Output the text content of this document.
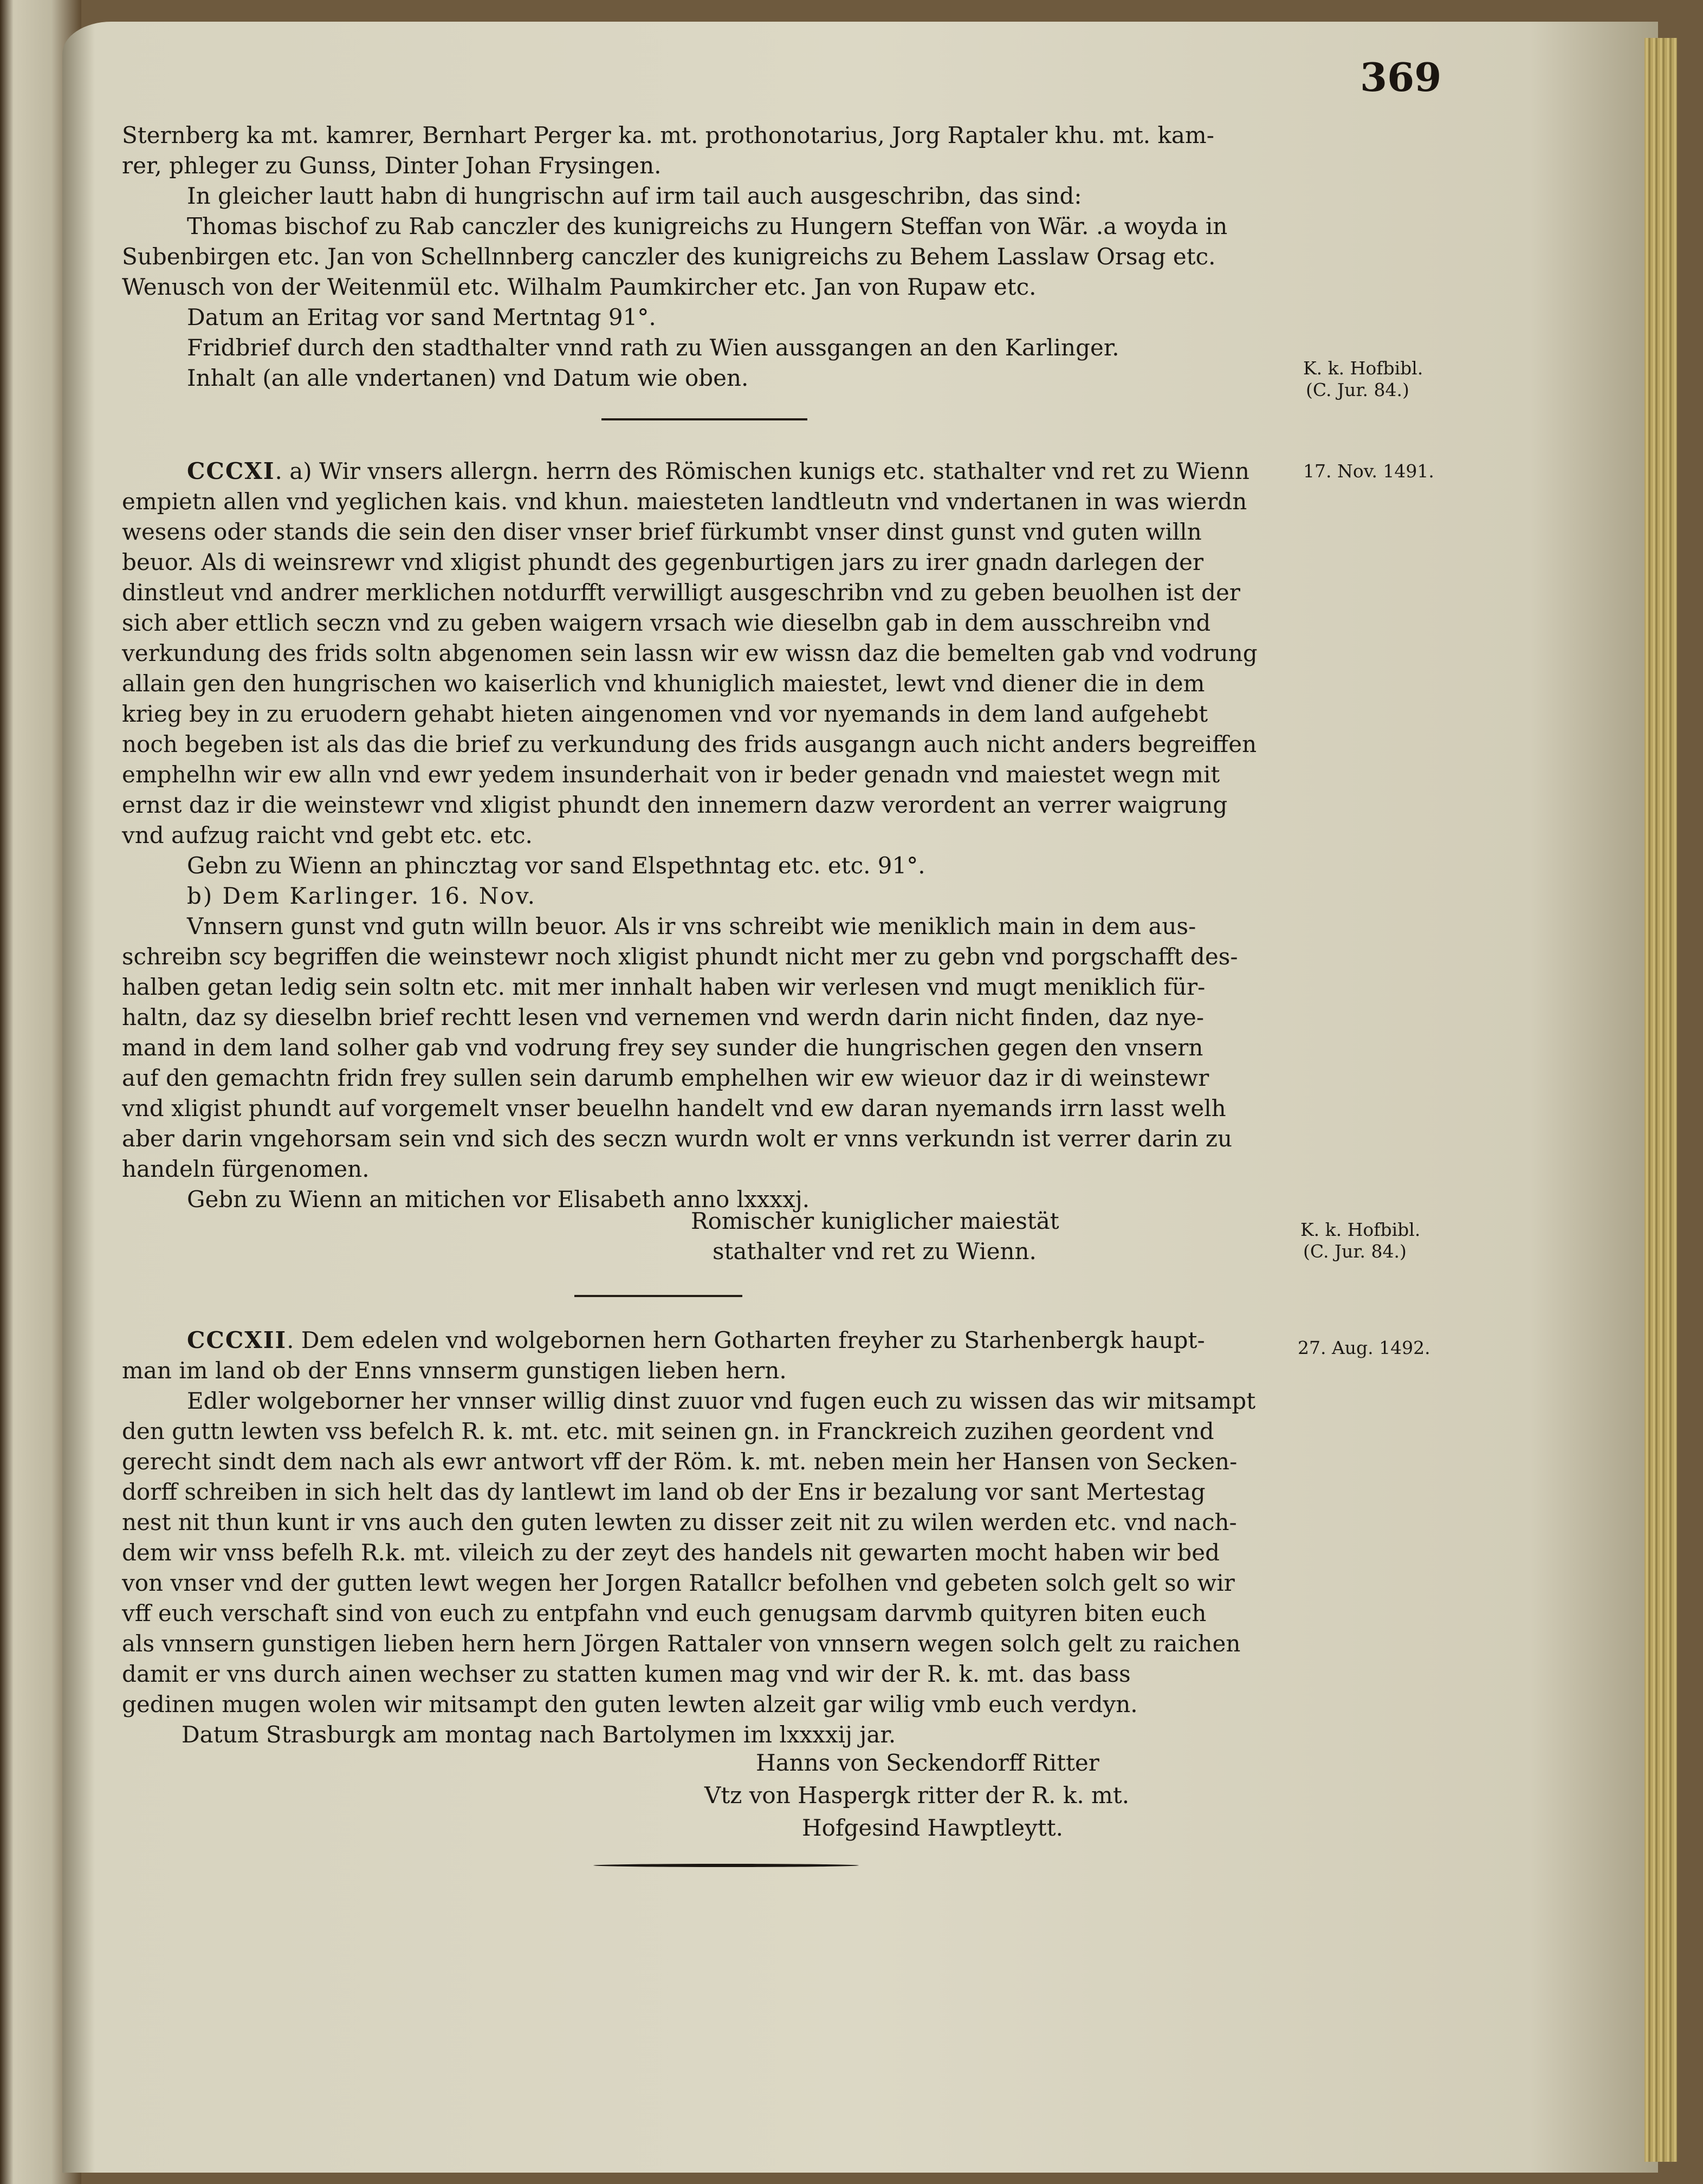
369

Sternberg ka mt. kamrer, Bernhart Perger ka. mt. prothonotarius, Jorg Raptaler khu. mt. kam-

rer, phleger zu Gunss, Dinter Johan Frysingen.

In gleicher lautt habn di hungrischn auf irm tail auch ausgeschribn, das sind:

Thomas bischof zu Rab canczler des kunigreichs zu Hungern Steffan von Wär. .a woyda in

Subenbirgen etc. Jan von Schellnnberg canczler des kunigreichs zu Behem Lasslaw Orsag etc.

Wenusch von der Weitenmül etc. Wilhalm Paumkircher etc. Jan von Rupaw etc.

Datum an Eritag vor sand Mertntag 91°.

Fridbrief durch den stadthalter vnnd rath zu Wien aussgangen an den Karlinger.

Inhalt (an alle vndertanen) vnd Datum wie oben.	K. k. Hofbibl.
(C. Jur. 84.)

CCCXI. a) Wir vnsers allergn. herrn des Römischen kunigs etc. stathalter vnd ret zu Wienn	17. Nov. 1491.

empietn allen vnd yeglichen kais. vnd khun. maiesteten landtleutn vnd vndertanen in was wierdn

wesens oder stands die sein den diser vnser brief fürkumbt vnser dinst gunst vnd guten willn

beuor. Als di weinsrewr vnd xligist phundt des gegenburtigen jars zu irer gnadn darlegen der

dinstleut vnd andrer merklichen notdurfft verwilligt ausgeschribn vnd zu geben beuolhen ist der

sich aber ettlich seczn vnd zu geben waigern vrsach wie dieselbn gab in dem ausschreibn vnd

verkundung des frids soltn abgenomen sein lassn wir ew wissn daz die bemelten gab vnd vodrung

allain gen den hungrischen wo kaiserlich vnd khuniglich maiestet, lewt vnd diener die in dem

krieg bey in zu eruodern gehabt hieten aingenomen vnd vor nyemands in dem land aufgehebt

noch begeben ist als das die brief zu verkundung des frids ausgangn auch nicht anders begreiffen

emphelhn wir ew alln vnd ewr yedem insunderhait von ir beder genadn vnd maiestet wegn mit

ernst daz ir die weinstewr vnd xligist phundt den innemern dazw verordent an verrer waigrung

vnd aufzug raicht vnd gebt etc. etc.

Gebn zu Wienn an phincztag vor sand Elspethntag etc. etc. 91°.

b) Dem Karlinger. 16. Nov.

Vnnsern gunst vnd gutn willn beuor. Als ir vns schreibt wie meniklich main in dem aus-

schreibn scy begriffen die weinstewr noch xligist phundt nicht mer zu gebn vnd porgschafft des-

halben getan ledig sein soltn etc. mit mer innhalt haben wir verlesen vnd mugt meniklich für-

haltn, daz sy dieselbn brief rechtt lesen vnd vernemen vnd werdn darin nicht finden, daz nye-

mand in dem land solher gab vnd vodrung frey sey sunder die hungrischen gegen den vnsern

auf den gemachtn fridn frey sullen sein darumb emphelhen wir ew wieuor daz ir di weinstewr

vnd xligist phundt auf vorgemelt vnser beuelhn handelt vnd ew daran nyemands irrn lasst welh

aber darin vngehorsam sein vnd sich des seczn wurdn wolt er vnns verkundn ist verrer darin zu

handeln fürgenomen.

Gebn zu Wienn an mitichen vor Elisabeth anno lxxxxj.

Romischer kuniglicher maiestät

stathalter vnd ret zu Wienn.

K. k. Hofbibl.
(C. Jur. 84.)

CCCXII. Dem edelen vnd wolgebornen hern Gotharten freyher zu Starhenbergk haupt-	27. Aug. 1492.

man im land ob der Enns vnnserm gunstigen lieben hern.

Edler wolgeborner her vnnser willig dinst zuuor vnd fugen euch zu wissen das wir mitsampt

den guttn lewten vss befelch R. k. mt. etc. mit seinen gn. in Franckreich zuzihen geordent vnd

gerecht sindt dem nach als ewr antwort vff der Röm. k. mt. neben mein her Hansen von Secken-

dorff schreiben in sich helt das dy lantlewt im land ob der Ens ir bezalung vor sant Mertestag

nest nit thun kunt ir vns auch den guten lewten zu disser zeit nit zu wilen werden etc. vnd nach-

dem wir vnss befelh R.k. mt. vileich zu der zeyt des handels nit gewarten mocht haben wir bed

von vnser vnd der gutten lewt wegen her Jorgen Ratallcr befolhen vnd gebeten solch gelt so wir

vff euch verschaft sind von euch zu entpfahn vnd euch genugsam darvmb quityren biten euch

als vnnsern gunstigen lieben hern hern Jörgen Rattaler von vnnsern wegen solch gelt zu raichen

damit er vns durch ainen wechser zu statten kumen mag vnd wir der R. k. mt. das bass

gedinen mugen wolen wir mitsampt den guten lewten alzeit gar wilig vmb euch verdyn.

Datum Strasburgk am montag nach Bartolymen im lxxxxij jar.

Hanns von Seckendorff Ritter

Vtz von Haspergk ritter der R. k. mt.

Hofgesind Hawptleytt.
